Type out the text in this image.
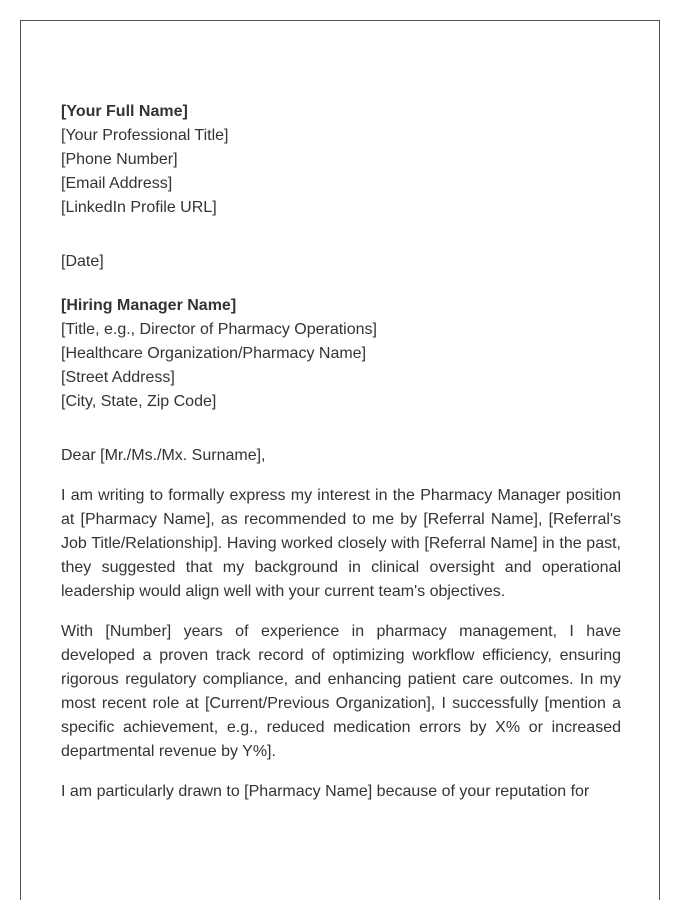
[Your Full Name]
[Your Professional Title]
[Phone Number]
[Email Address]
[LinkedIn Profile URL]
[Date]
[Hiring Manager Name]
[Title, e.g., Director of Pharmacy Operations]
[Healthcare Organization/Pharmacy Name]
[Street Address]
[City, State, Zip Code]
Dear [Mr./Ms./Mx. Surname],

I am writing to formally express my interest in the Pharmacy Manager position at [Pharmacy Name], as recommended to me by [Referral Name], [Referral's Job Title/Relationship]. Having worked closely with [Referral Name] in the past, they suggested that my background in clinical oversight and operational leadership would align well with your current team's objectives.

With [Number] years of experience in pharmacy management, I have developed a proven track record of optimizing workflow efficiency, ensuring rigorous regulatory compliance, and enhancing patient care outcomes. In my most recent role at [Current/Previous Organization], I successfully [mention a specific achievement, e.g., reduced medication errors by X% or increased departmental revenue by Y%].

I am particularly drawn to [Pharmacy Name] because of your reputation for
